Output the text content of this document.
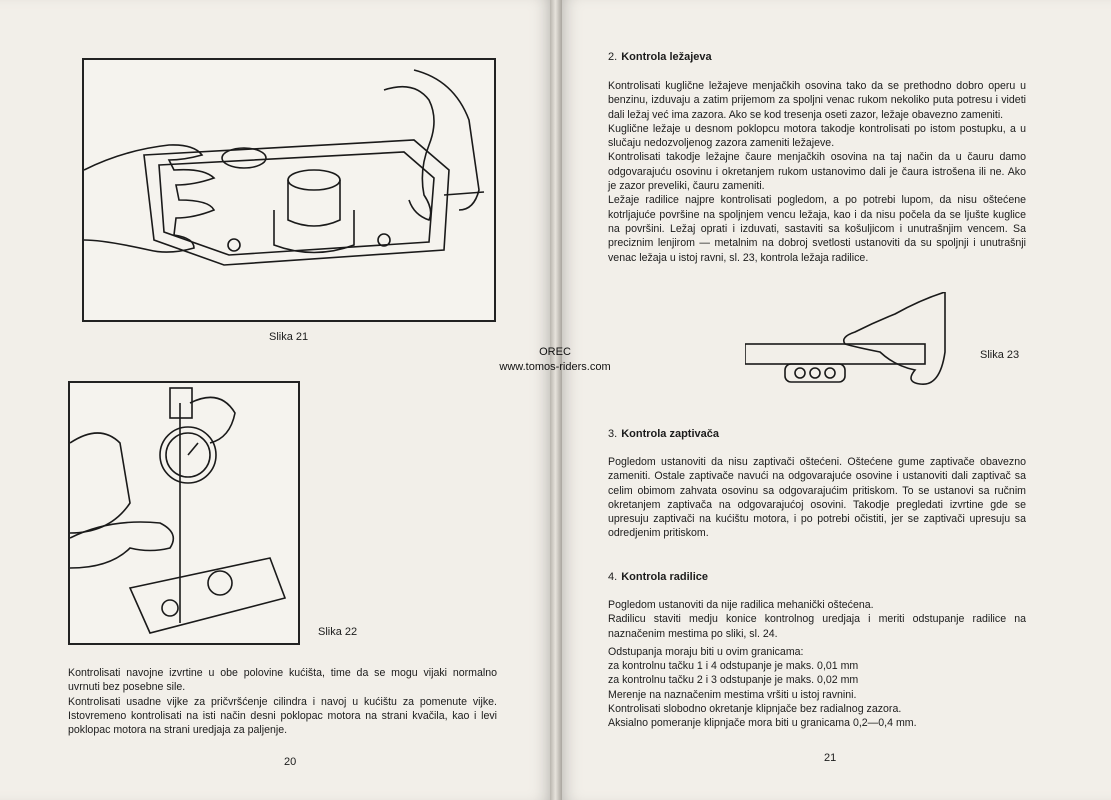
Slika 21
Slika 22

Kontrolisati navojne izvrtine u obe polovine kućišta, time da se mogu vijaki normalno uvrnuti bez posebne sile.

Kontrolisati usadne vijke za pričvršćenje cilindra i navoj u kućištu za pomenute vijke. Istovremeno kontrolisati na isti način desni poklopac motora na strani kvačila, kao i levi poklopac motora na strani uredjaja za paljenje.

20
OREC
www.tomos-riders.com
2. Kontrola ležajeva

Kontrolisati kuglične ležajeve menjačkih osovina tako da se prethodno dobro operu u benzinu, izduvaju a zatim prijemom za spoljni venac rukom nekoliko puta potresu i videti dali ležaj već ima zazora. Ako se kod tresenja oseti zazor, ležaje obavezno zameniti.

Kuglične ležaje u desnom poklopcu motora takodje kontrolisati po istom postupku, a u slučaju nedozvoljenog zazora zameniti ležajeve.

Kontrolisati takodje ležajne čaure menjačkih osovina na taj način da u čauru damo odgovarajuću osovinu i okretanjem rukom ustanovimo dali je čaura istrošena ili ne. Ako je zazor preveliki, čauru zameniti.

Ležaje radilice najpre kontrolisati pogledom, a po potrebi lupom, da nisu oštećene kotrljajuće površine na spoljnjem vencu ležaja, kao i da nisu počela da se ljušte kuglice na površini. Ležaj oprati i izduvati, sastaviti sa košuljicom i unutrašnjim vencem. Sa preciznim lenjirom — metalnim na dobroj svetlosti ustanoviti da su spoljnji i unutrašnji venac ležaja u istoj ravni, sl. 23, kontrola ležaja radilice.

Slika 23
3. Kontrola zaptivača

Pogledom ustanoviti da nisu zaptivači oštećeni. Oštećene gume zaptivače obavezno zameniti. Ostale zaptivače navući na odgovarajuće osovine i ustanoviti dali zaptivač sa celim obimom zahvata osovinu sa odgovarajućim pritiskom. To se ustanovi sa ručnim okretanjem zaptivača na odgovarajućoj osovini. Takodje pregledati izvrtine gde se upresuju zaptivači na kućištu motora, i po potrebi očistiti, jer se zaptivači upresuju sa odredjenim pritiskom.

4. Kontrola radilice

Pogledom ustanoviti da nije radilica mehanički oštećena.

Radilicu staviti medju konice kontrolnog uredjaja i meriti odstupanje radilice na naznačenim mestima po sliki, sl. 24.

Odstupanja moraju biti u ovim granicama:

za kontrolnu tačku 1 i 4 odstupanje je maks. 0,01 mm

za kontrolnu tačku 2 i 3 odstupanje je maks. 0,02 mm

Merenje na naznačenim mestima vršiti u istoj ravnini.

Kontrolisati slobodno okretanje klipnjače bez radialnog zazora.

Aksialno pomeranje klipnjače mora biti u granicama 0,2—0,4 mm.

21
